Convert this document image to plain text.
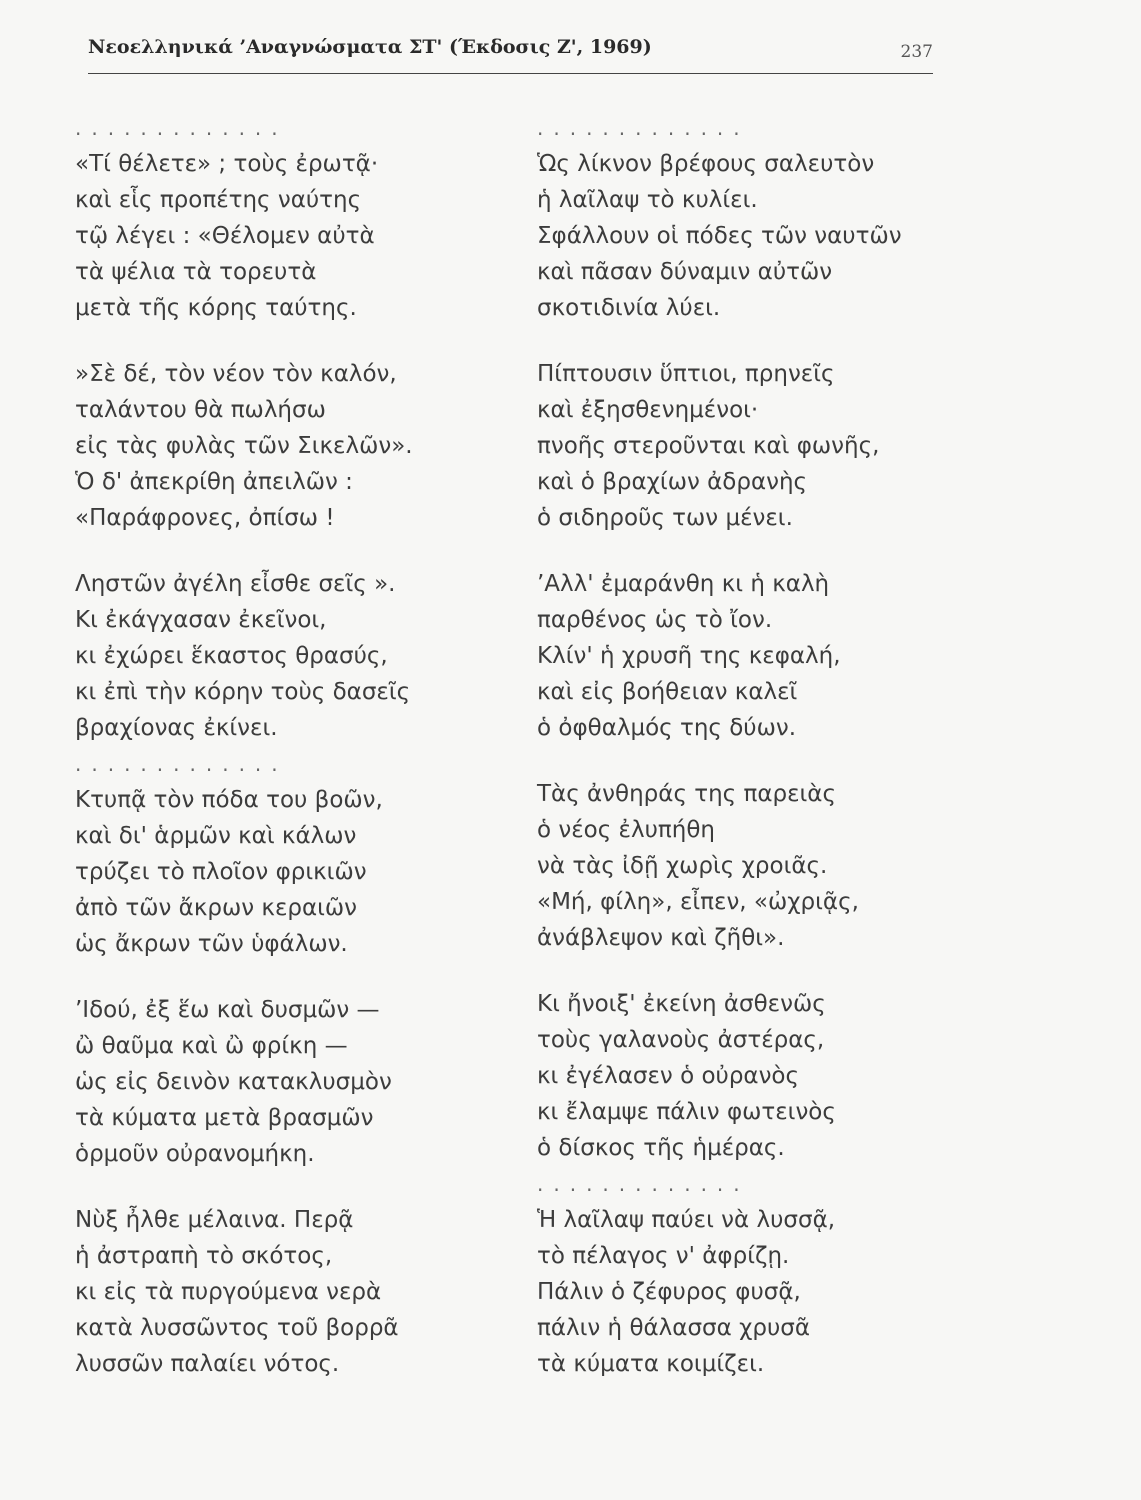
Νεοελληνικά ’Αναγνώσματα ΣΤ' (Έκδοσις Ζ', 1969)	237
.............
«Τί θέλετε» ; τοὺς ἐρωτᾷ·
καὶ εἷς προπέτης ναύτης
τῷ λέγει : «Θέλομεν αὐτὰ
τὰ ψέλια τὰ τορευτὰ
μετὰ τῆς κόρης ταύτης.
»Σὲ δέ, τὸν νέον τὸν καλόν,
ταλάντου θὰ πωλήσω
εἰς τὰς φυλὰς τῶν Σικελῶν».
Ὁ δ' ἀπεκρίθη ἀπειλῶν :
«Παράφρονες, ὀπίσω !
Ληστῶν ἀγέλη εἶσθε σεῖς ».
Κι ἐκάγχασαν ἐκεῖνοι,
κι ἐχώρει ἕκαστος θρασύς,
κι ἐπὶ τὴν κόρην τοὺς δασεῖς
βραχίονας ἐκίνει.
.............
Κτυπᾷ τὸν πόδα του βοῶν,
καὶ δι' ἁρμῶν καὶ κάλων
τρύζει τὸ πλοῖον φρικιῶν
ἀπὸ τῶν ἄκρων κεραιῶν
ὡς ἄκρων τῶν ὑφάλων.
’Ιδού, ἐξ ἕω καὶ δυσμῶν —
ὢ θαῦμα καὶ ὢ φρίκη —
ὡς εἰς δεινὸν κατακλυσμὸν
τὰ κύματα μετὰ βρασμῶν
ὁρμοῦν οὐρανομήκη.
Νὺξ ἦλθε μέλαινα. Περᾷ
ἡ ἀστραπὴ τὸ σκότος,
κι εἰς τὰ πυργούμενα νερὰ
κατὰ λυσσῶντος τοῦ βορρᾶ
λυσσῶν παλαίει νότος.
.............
Ὡς λίκνον βρέφους σαλευτὸν
ἡ λαῖλαψ τὸ κυλίει.
Σφάλλουν οἱ πόδες τῶν ναυτῶν
καὶ πᾶσαν δύναμιν αὐτῶν
σκοτιδινία λύει.
Πίπτουσιν ὕπτιοι, πρηνεῖς
καὶ ἐξησθενημένοι·
πνοῆς στεροῦνται καὶ φωνῆς,
καὶ ὁ βραχίων ἀδρανὴς
ὁ σιδηροῦς των μένει.
’Αλλ' ἐμαράνθη κι ἡ καλὴ
παρθένος ὡς τὸ ἴον.
Κλίν' ἡ χρυσῆ της κεφαλή,
καὶ εἰς βοήθειαν καλεῖ
ὁ ὀφθαλμός της δύων.
Τὰς ἀνθηράς της παρειὰς
ὁ νέος ἐλυπήθη
νὰ τὰς ἰδῇ χωρὶς χροιᾶς.
«Μή, φίλη», εἶπεν, «ὠχριᾷς,
ἀνάβλεψον καὶ ζῆθι».
Κι ἤνοιξ' ἐκείνη ἀσθενῶς
τοὺς γαλανοὺς ἀστέρας,
κι ἐγέλασεν ὁ οὐρανὸς
κι ἔλαμψε πάλιν φωτεινὸς
ὁ δίσκος τῆς ἡμέρας.
.............
Ἡ λαῖλαψ παύει νὰ λυσσᾷ,
τὸ πέλαγος ν' ἀφρίζῃ.
Πάλιν ὁ ζέφυρος φυσᾷ,
πάλιν ἡ θάλασσα χρυσᾶ
τὰ κύματα κοιμίζει.
